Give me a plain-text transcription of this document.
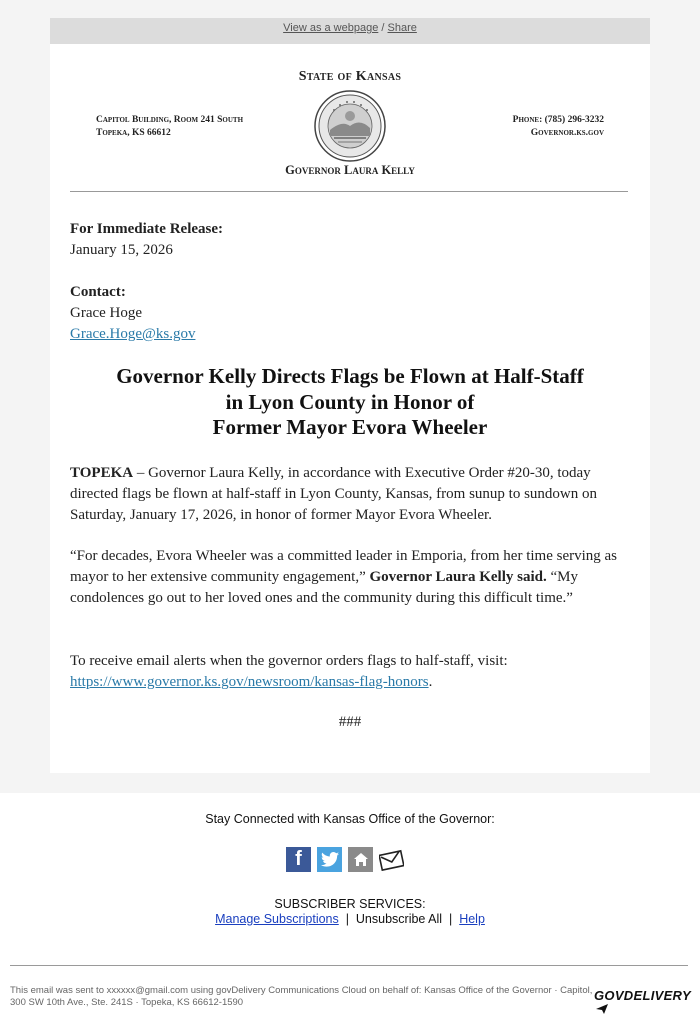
View as a webpage / Share
State of Kansas
Capitol Building, Room 241 South
Topeka, KS 66612
Phone: (785) 296-3232
Governor.ks.gov
Governor Laura Kelly
For Immediate Release:
January 15, 2026
Contact:
Grace Hoge
Grace.Hoge@ks.gov
Governor Kelly Directs Flags be Flown at Half-Staff
in Lyon County in Honor of
Former Mayor Evora Wheeler
TOPEKA – Governor Laura Kelly, in accordance with Executive Order #20-30, today directed flags be flown at half-staff in Lyon County, Kansas, from sunup to sundown on Saturday, January 17, 2026, in honor of former Mayor Evora Wheeler.
“For decades, Evora Wheeler was a committed leader in Emporia, from her time serving as mayor to her extensive community engagement,” Governor Laura Kelly said. “My condolences go out to her loved ones and the community during this difficult time.”
To receive email alerts when the governor orders flags to half-staff, visit: https://www.governor.ks.gov/newsroom/kansas-flag-honors.
###
Stay Connected with Kansas Office of the Governor:
f
SUBSCRIBER SERVICES:
Manage Subscriptions  |  Unsubscribe All  |  Help
This email was sent to xxxxxx@gmail.com using govDelivery Communications Cloud on behalf of: Kansas Office of the Governor · Capitol, 300 SW 10th Ave., Ste. 241S · Topeka, KS 66612-1590	GOVDELIVERY
